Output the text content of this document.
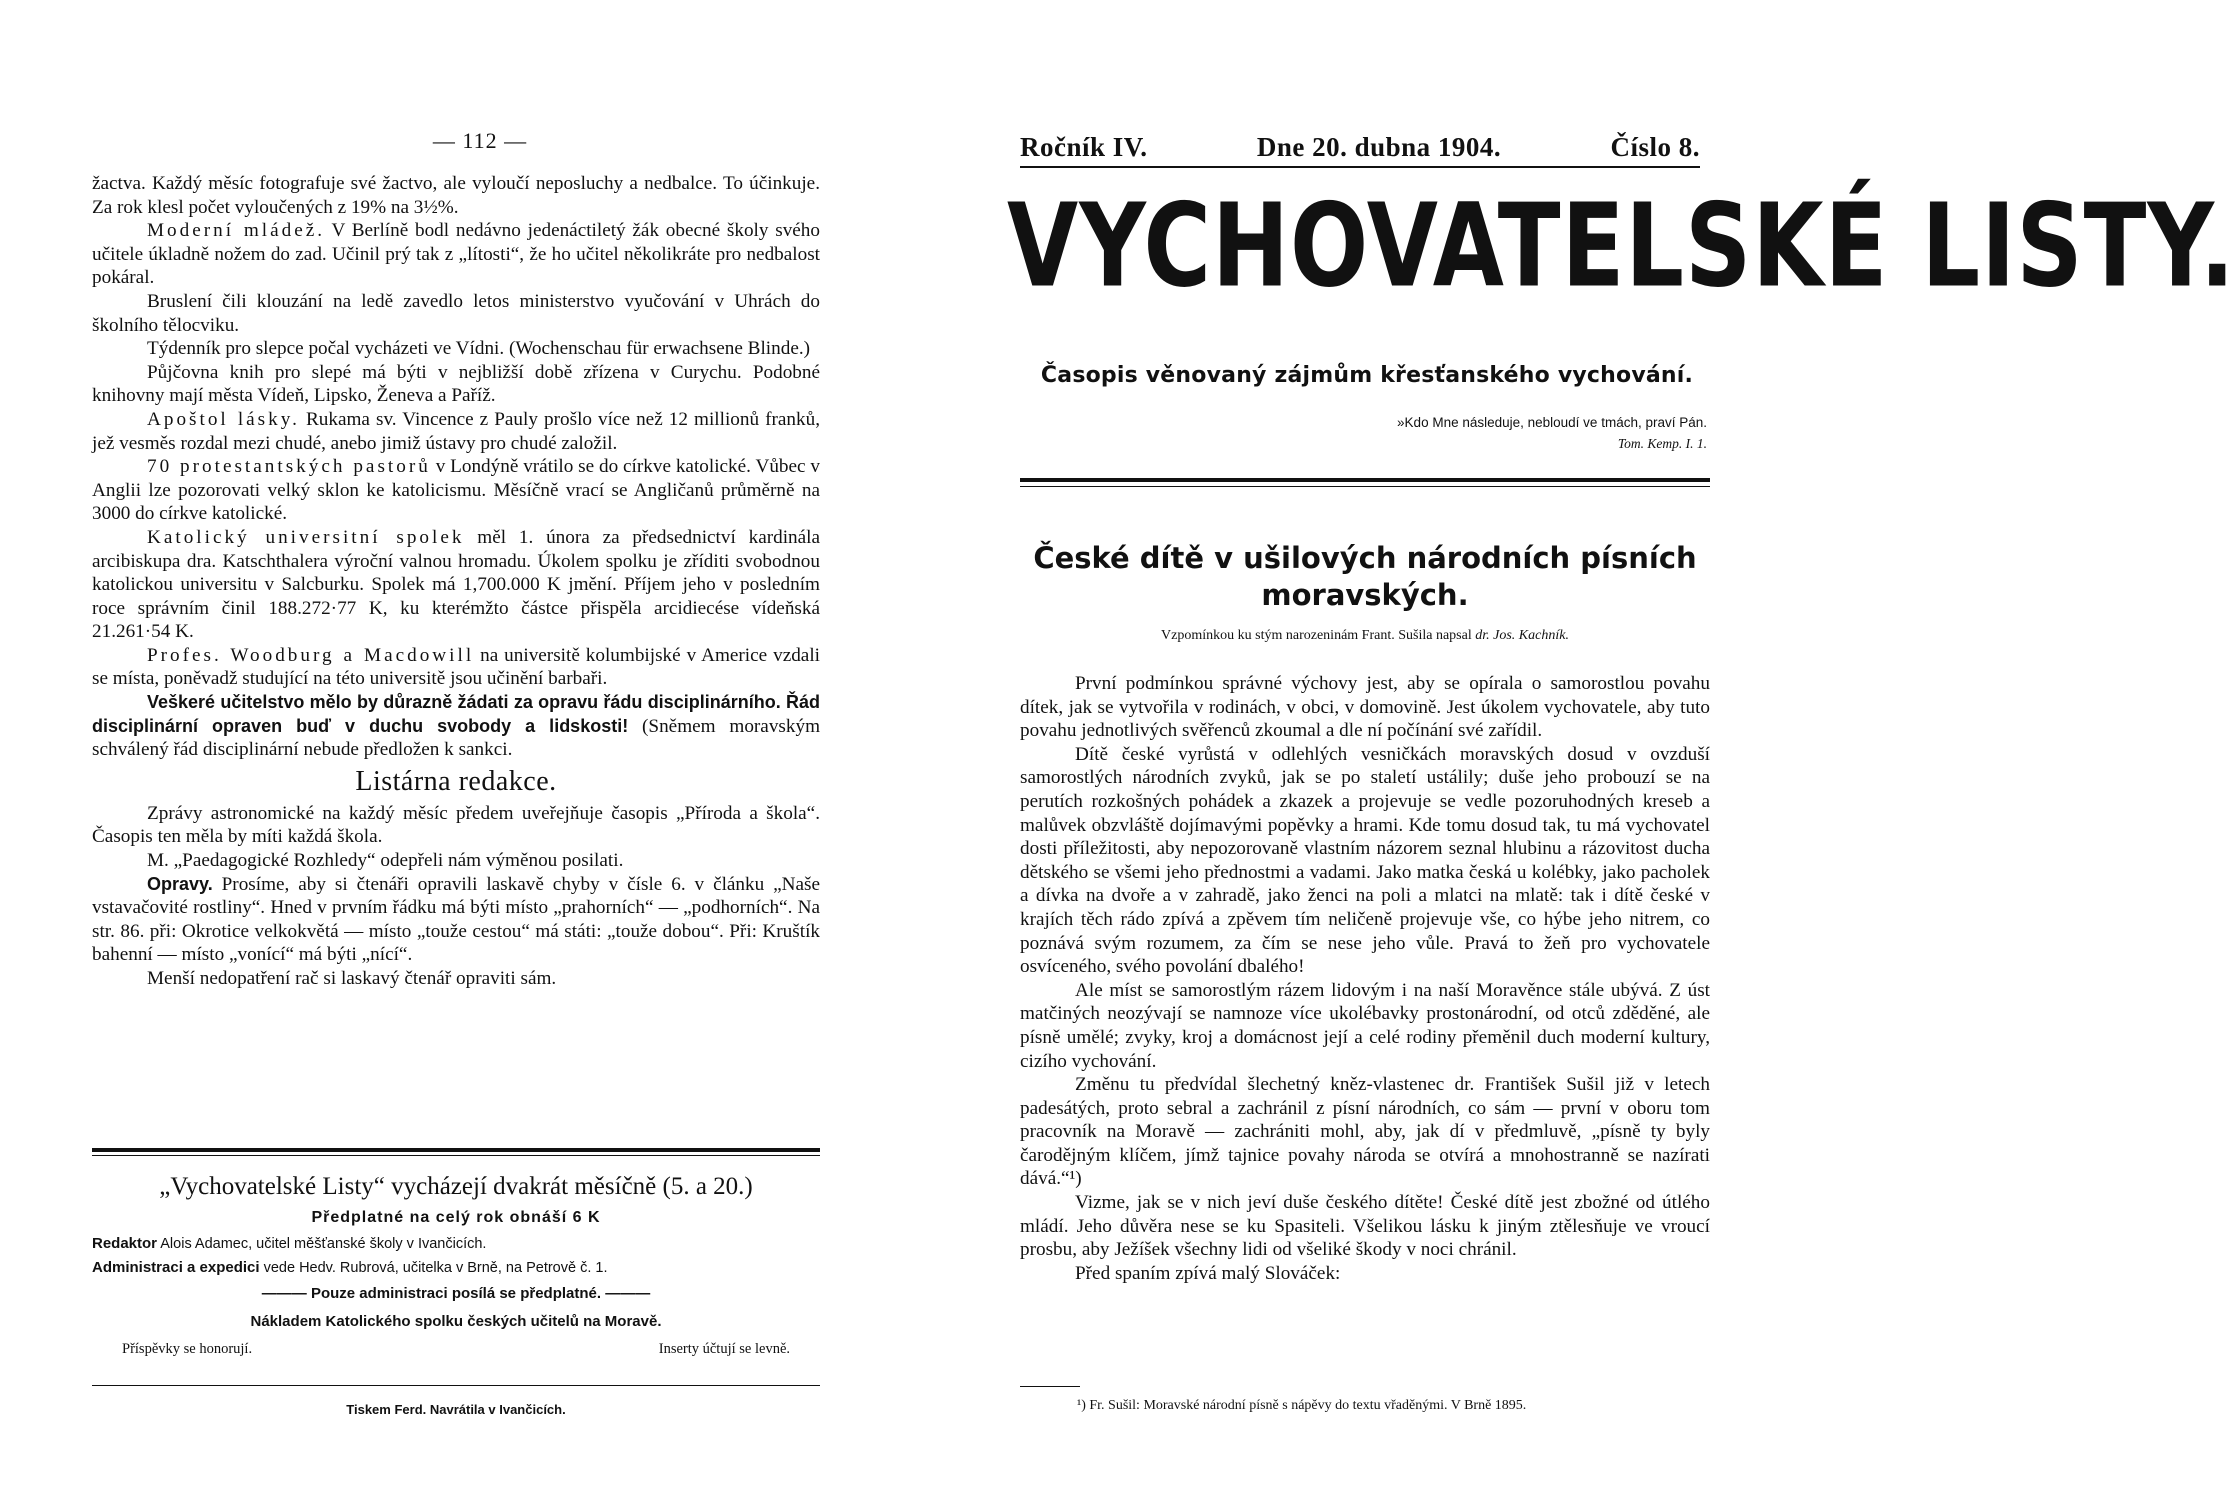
— 112 —

žactva. Každý měsíc fotografuje své žactvo, ale vyloučí neposluchy a nedbalce. To účinkuje. Za rok klesl počet vyloučených z 19% na 3½%.

Moderní mládež. V Berlíně bodl nedávno jedenáctiletý žák obecné školy svého učitele úkladně nožem do zad. Učinil prý tak z „lítosti“, že ho učitel několikráte pro nedbalost pokáral.

Bruslení čili klouzání na ledě zavedlo letos ministerstvo vyučování v Uhrách do školního tělocviku.

Týdenník pro slepce počal vycházeti ve Vídni. (Wochenschau für erwachsene Blinde.)

Půjčovna knih pro slepé má býti v nejbližší době zřízena v Curychu. Podobné knihovny mají města Vídeň, Lipsko, Ženeva a Paříž.

Apoštol lásky. Rukama sv. Vincence z Pauly prošlo více než 12 millionů franků, jež vesměs rozdal mezi chudé, anebo jimiž ústavy pro chudé založil.

70 protestantských pastorů v Londýně vrátilo se do církve katolické. Vůbec v Anglii lze pozorovati velký sklon ke katolicismu. Měsíčně vrací se Angličanů průměrně na 3000 do církve katolické.

Katolický universitní spolek měl 1. února za předsednictví kardinála arcibiskupa dra. Katschthalera výroční valnou hromadu. Úkolem spolku je zříditi svobodnou katolickou universitu v Salcburku. Spolek má 1,700.000 K jmění. Příjem jeho v posledním roce správním činil 188.272·77 K, ku kterémžto částce přispěla arcidiecése vídeňská 21.261·54 K.

Profes. Woodburg a Macdowill na universitě kolumbijské v Americe vzdali se místa, poněvadž studující na této universitě jsou učinění barbaři.

Veškeré učitelstvo mělo by důrazně žádati za opravu řádu disciplinárního. Řád disciplinární opraven buď v duchu svobody a lidskosti! (Sněmem moravským schválený řád disciplinární nebude předložen k sankci.

Listárna redakce.

Zprávy astronomické na každý měsíc předem uveřejňuje časopis „Příroda a škola“. Časopis ten měla by míti každá škola.

M. „Paedagogické Rozhledy“ odepřeli nám výměnou posilati.

Opravy. Prosíme, aby si čtenáři opravili laskavě chyby v čísle 6. v článku „Naše vstavačovité rostliny“. Hned v prvním řádku má býti místo „prahorních“ — „podhorních“. Na str. 86. při: Okrotice velkokvětá — místo „touže cestou“ má státi: „touže dobou“. Při: Kruštík bahenní — místo „vonící“ má býti „nící“.

Menší nedopatření rač si laskavý čtenář opraviti sám.

„Vychovatelské Listy“ vycházejí dvakrát měsíčně (5. a 20.)
Předplatné na celý rok obnáší 6 K
Redaktor Alois Adamec, učitel měšťanské školy v Ivančicích.
Administraci a expedici vede Hedv. Rubrová, učitelka v Brně, na Petrově č. 1.
——— Pouze administraci posílá se předplatné. ———
Nákladem Katolického spolku českých učitelů na Moravě.
Příspěvky se honorují.	Inserty účtují se levně.
Tiskem Ferd. Navrátila v Ivančicích.
Ročník IV.	Dne 20. dubna 1904.	Číslo 8.
VYCHOVATELSKÉ LISTY.
Časopis věnovaný zájmům křesťanského vychování.
»Kdo Mne následuje, nebloudí ve tmách, praví Pán.
Tom. Kemp. I. 1.
České dítě v ušilových národních písních moravských.
Vzpomínkou ku stým narozeninám Frant. Sušila napsal dr. Jos. Kachník.

První podmínkou správné výchovy jest, aby se opírala o samorostlou povahu dítek, jak se vytvořila v rodinách, v obci, v domovině. Jest úkolem vychovatele, aby tuto povahu jednotlivých svěřenců zkoumal a dle ní počínání své zařídil.

Dítě české vyrůstá v odlehlých vesničkách moravských dosud v ovzduší samorostlých národních zvyků, jak se po staletí ustálily; duše jeho probouzí se na perutích rozkošných pohádek a zkazek a projevuje se vedle pozoruhodných kreseb a malůvek obzvláště dojímavými popěvky a hrami. Kde tomu dosud tak, tu má vychovatel dosti příležitosti, aby nepozorovaně vlastním názorem seznal hlubinu a rázovitost ducha dětského se všemi jeho přednostmi a vadami. Jako matka česká u kolébky, jako pacholek a dívka na dvoře a v zahradě, jako ženci na poli a mlatci na mlatě: tak i dítě české v krajích těch rádo zpívá a zpěvem tím neličeně projevuje vše, co hýbe jeho nitrem, co poznává svým rozumem, za čím se nese jeho vůle. Pravá to žeň pro vychovatele osvíceného, svého povolání dbalého!

Ale míst se samorostlým rázem lidovým i na naší Moravěnce stále ubývá. Z úst matčiných neozývají se namnoze více ukolébavky prostonárodní, od otců zděděné, ale písně umělé; zvyky, kroj a domácnost její a celé rodiny přeměnil duch moderní kultury, cizího vychování.

Změnu tu předvídal šlechetný kněz-vlastenec dr. František Sušil již v letech padesátých, proto sebral a zachránil z písní národních, co sám — první v oboru tom pracovník na Moravě — zachrániti mohl, aby, jak dí v předmluvě, „písně ty byly čarodějným klíčem, jímž tajnice povahy národa se otvírá a mnohostranně se nazírati dává.“¹)

Vizme, jak se v nich jeví duše českého dítěte! České dítě jest zbožné od útlého mládí. Jeho důvěra nese se ku Spasiteli. Všelikou lásku k jiným ztělesňuje ve vroucí prosbu, aby Ježíšek všechny lidi od všeliké škody v noci chránil.

Před spaním zpívá malý Slováček:

¹) Fr. Sušil: Moravské národní písně s nápěvy do textu vřaděnými. V Brně 1895.
